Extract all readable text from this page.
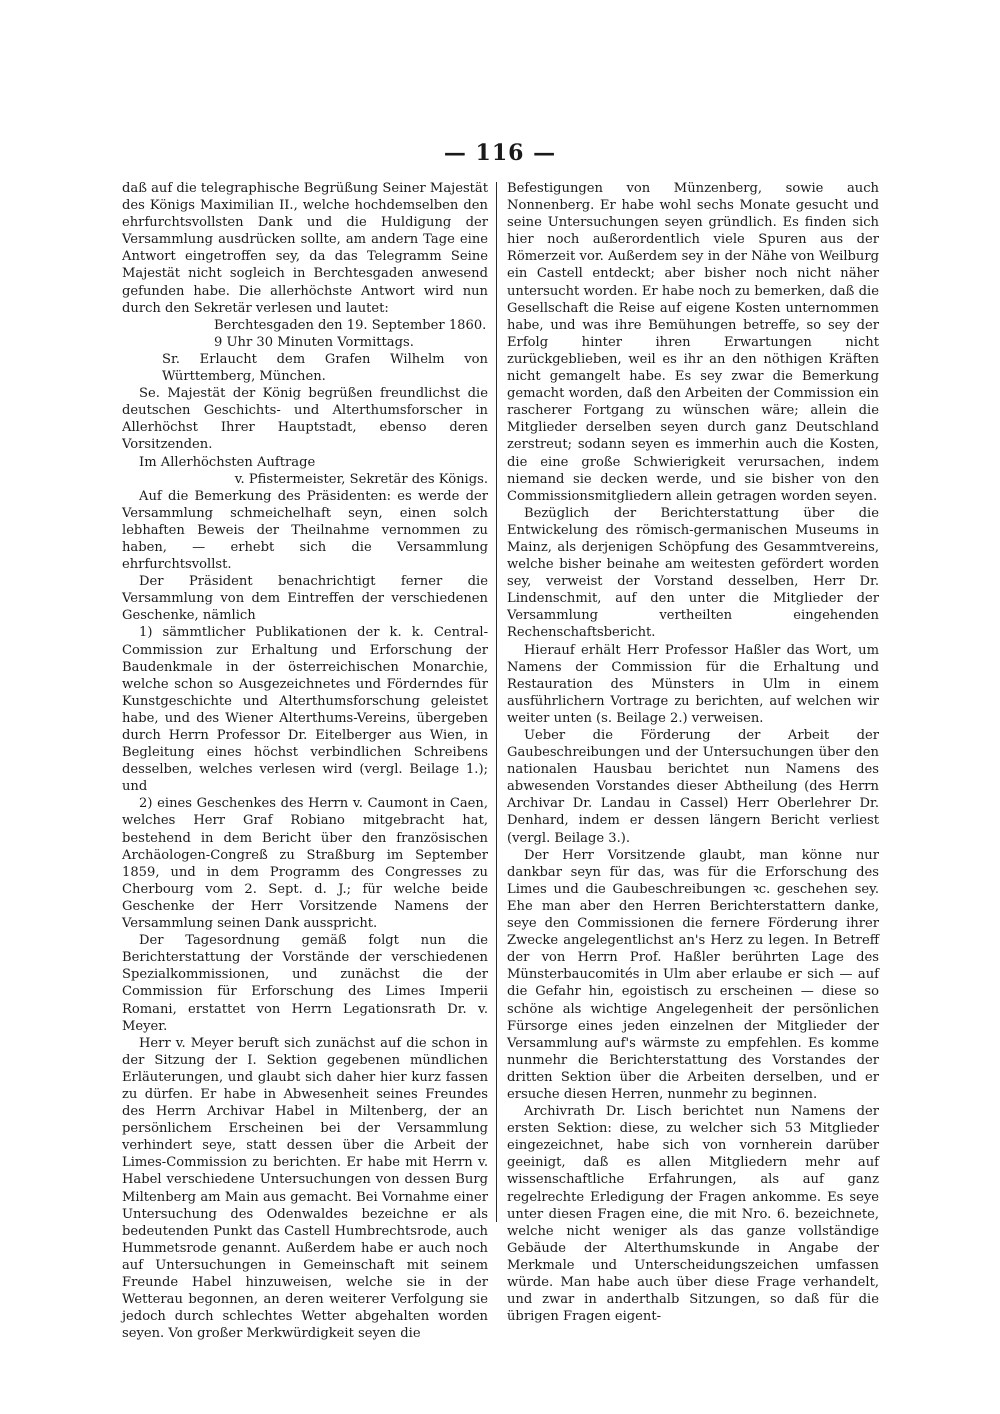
— 116 —

daß auf die telegraphische Begrüßung Seiner Majestät des Königs Maximilian II., welche hochdemselben den ehrfurchtsvollsten Dank und die Huldigung der Versammlung ausdrücken sollte, am andern Tage eine Antwort eingetroffen sey, da das Telegramm Seine Majestät nicht sogleich in Berchtesgaden anwesend gefunden habe. Die allerhöchste Antwort wird nun durch den Sekretär verlesen und lautet:

Berchtesgaden den 19. September 1860.

9 Uhr 30 Minuten Vormittags.

Sr. Erlaucht dem Grafen Wilhelm von Württemberg, München.

Se. Majestät der König begrüßen freundlichst die deutschen Geschichts- und Alterthumsforscher in Allerhöchst Ihrer Hauptstadt, ebenso deren Vorsitzenden.

Im Allerhöchsten Auftrage

v. Pfistermeister, Sekretär des Königs.

Auf die Bemerkung des Präsidenten: es werde der Versammlung schmeichelhaft seyn, einen solch lebhaften Beweis der Theilnahme vernommen zu haben, — erhebt sich die Versammlung ehrfurchtsvollst.

Der Präsident benachrichtigt ferner die Versammlung von dem Eintreffen der verschiedenen Geschenke, nämlich

1) sämmtlicher Publikationen der k. k. Central-Commission zur Erhaltung und Erforschung der Baudenkmale in der österreichischen Monarchie, welche schon so Ausgezeichnetes und Förderndes für Kunstgeschichte und Alterthumsforschung geleistet habe, und des Wiener Alterthums-Vereins, übergeben durch Herrn Professor Dr. Eitelberger aus Wien, in Begleitung eines höchst verbindlichen Schreibens desselben, welches verlesen wird (vergl. Beilage 1.); und

2) eines Geschenkes des Herrn v. Caumont in Caen, welches Herr Graf Robiano mitgebracht hat, bestehend in dem Bericht über den französischen Archäologen-Congreß zu Straßburg im September 1859, und in dem Programm des Congresses zu Cherbourg vom 2. Sept. d. J.; für welche beide Geschenke der Herr Vorsitzende Namens der Versammlung seinen Dank ausspricht.

Der Tagesordnung gemäß folgt nun die Berichterstattung der Vorstände der verschiedenen Spezialkommissionen, und zunächst die der Commission für Erforschung des Limes Imperii Romani, erstattet von Herrn Legationsrath Dr. v. Meyer.

Herr v. Meyer beruft sich zunächst auf die schon in der Sitzung der I. Sektion gegebenen mündlichen Erläuterungen, und glaubt sich daher hier kurz fassen zu dürfen. Er habe in Abwesenheit seines Freundes des Herrn Archivar Habel in Miltenberg, der an persönlichem Erscheinen bei der Versammlung verhindert seye, statt dessen über die Arbeit der Limes-Commission zu berichten. Er habe mit Herrn v. Habel verschiedene Untersuchungen von dessen Burg Miltenberg am Main aus gemacht. Bei Vornahme einer Untersuchung des Odenwaldes bezeichne er als bedeutenden Punkt das Castell Humbrechtsrode, auch Hummetsrode genannt. Außerdem habe er auch noch auf Untersuchungen in Gemeinschaft mit seinem Freunde Habel hinzuweisen, welche sie in der Wetterau begonnen, an deren weiterer Verfolgung sie jedoch durch schlechtes Wetter abgehalten worden seyen. Von großer Merkwürdigkeit seyen die

Befestigungen von Münzenberg, sowie auch Nonnenberg. Er habe wohl sechs Monate gesucht und seine Untersuchungen seyen gründlich. Es finden sich hier noch außerordentlich viele Spuren aus der Römerzeit vor. Außerdem sey in der Nähe von Weilburg ein Castell entdeckt; aber bisher noch nicht näher untersucht worden. Er habe noch zu bemerken, daß die Gesellschaft die Reise auf eigene Kosten unternommen habe, und was ihre Bemühungen betreffe, so sey der Erfolg hinter ihren Erwartungen nicht zurückgeblieben, weil es ihr an den nöthigen Kräften nicht gemangelt habe. Es sey zwar die Bemerkung gemacht worden, daß den Arbeiten der Commission ein rascherer Fortgang zu wünschen wäre; allein die Mitglieder derselben seyen durch ganz Deutschland zerstreut; sodann seyen es immerhin auch die Kosten, die eine große Schwierigkeit verursachen, indem niemand sie decken werde, und sie bisher von den Commissionsmitgliedern allein getragen worden seyen.

Bezüglich der Berichterstattung über die Entwickelung des römisch-germanischen Museums in Mainz, als derjenigen Schöpfung des Gesammtvereins, welche bisher beinahe am weitesten gefördert worden sey, verweist der Vorstand desselben, Herr Dr. Lindenschmit, auf den unter die Mitglieder der Versammlung vertheilten eingehenden Rechenschaftsbericht.

Hierauf erhält Herr Professor Haßler das Wort, um Namens der Commission für die Erhaltung und Restauration des Münsters in Ulm in einem ausführlichern Vortrage zu berichten, auf welchen wir weiter unten (s. Beilage 2.) verweisen.

Ueber die Förderung der Arbeit der Gaubeschreibungen und der Untersuchungen über den nationalen Hausbau berichtet nun Namens des abwesenden Vorstandes dieser Abtheilung (des Herrn Archivar Dr. Landau in Cassel) Herr Oberlehrer Dr. Denhard, indem er dessen längern Bericht verliest (vergl. Beilage 3.).

Der Herr Vorsitzende glaubt, man könne nur dankbar seyn für das, was für die Erforschung des Limes und die Gaubeschreibungen ꝛc. geschehen sey. Ehe man aber den Herren Berichterstattern danke, seye den Commissionen die fernere Förderung ihrer Zwecke angelegentlichst an's Herz zu legen. In Betreff der von Herrn Prof. Haßler berührten Lage des Münsterbaucomités in Ulm aber erlaube er sich — auf die Gefahr hin, egoistisch zu erscheinen — diese so schöne als wichtige Angelegenheit der persönlichen Fürsorge eines jeden einzelnen der Mitglieder der Versammlung auf's wärmste zu empfehlen. Es komme nunmehr die Berichterstattung des Vorstandes der dritten Sektion über die Arbeiten derselben, und er ersuche diesen Herren, nunmehr zu beginnen.

Archivrath Dr. Lisch berichtet nun Namens der ersten Sektion: diese, zu welcher sich 53 Mitglieder eingezeichnet, habe sich von vornherein darüber geeinigt, daß es allen Mitgliedern mehr auf wissenschaftliche Erfahrungen, als auf ganz regelrechte Erledigung der Fragen ankomme. Es seye unter diesen Fragen eine, die mit Nro. 6. bezeichnete, welche nicht weniger als das ganze vollständige Gebäude der Alterthumskunde in Angabe der Merkmale und Unterscheidungszeichen umfassen würde. Man habe auch über diese Frage verhandelt, und zwar in anderthalb Sitzungen, so daß für die übrigen Fragen eigent-
